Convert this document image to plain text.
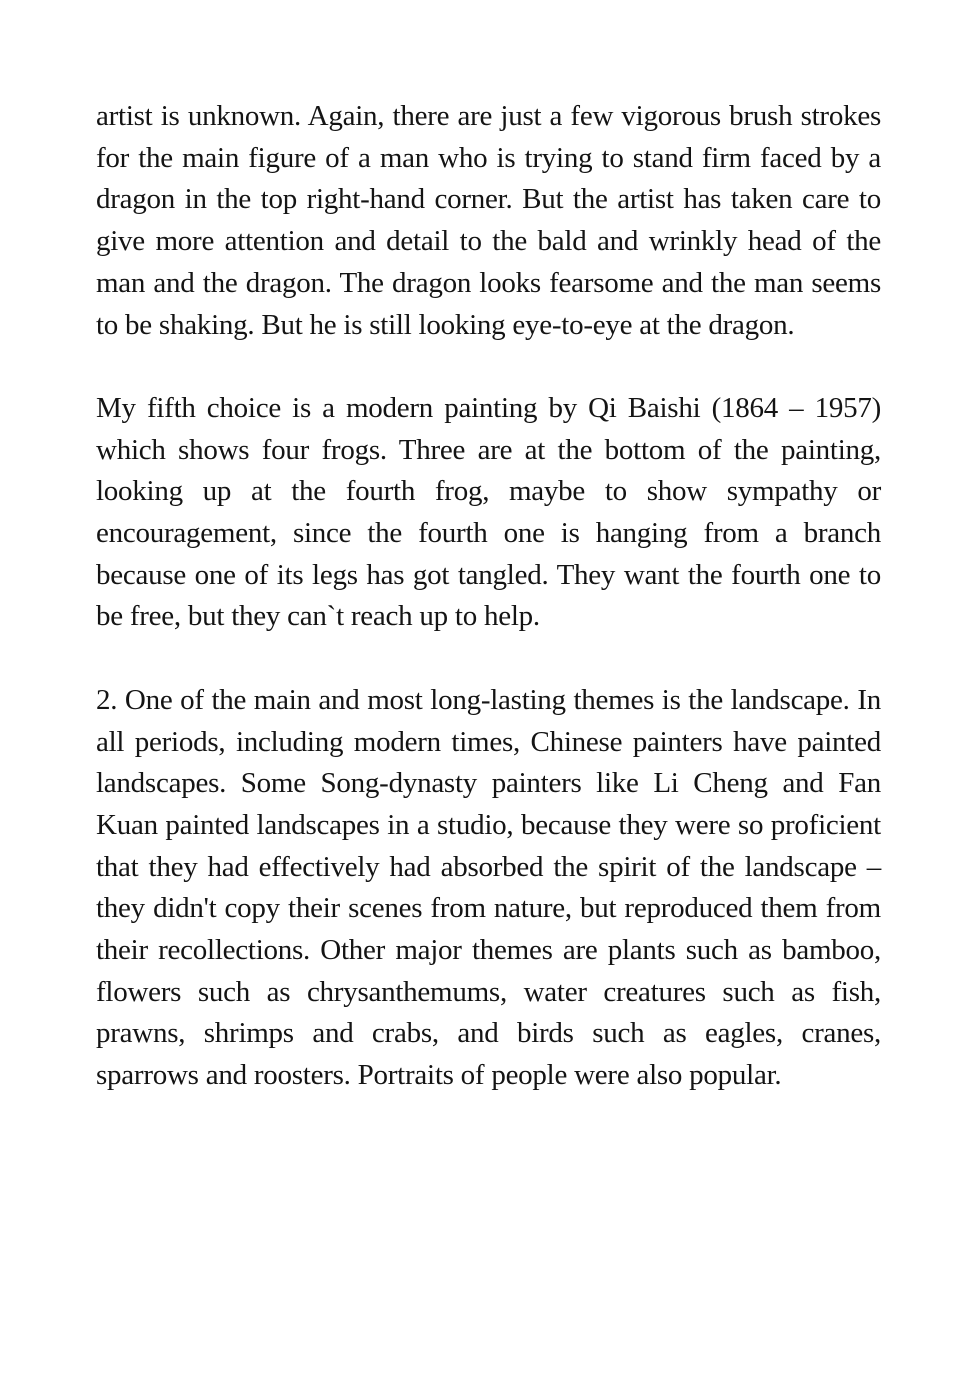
artist is unknown. Again, there are just a few vigorous brush strokes for the main figure of a man who is trying to stand firm faced by a dragon in the top right-hand corner. But the artist has taken care to give more attention and detail to the bald and wrinkly head of the man and the dragon. The dragon looks fearsome and the man seems to be shaking. But he is still looking eye-to-eye at the dragon.

My fifth choice is a modern painting by Qi Baishi (1864 – 1957) which shows four frogs. Three are at the bottom of the painting, looking up at the fourth frog, maybe to show sympathy or encouragement, since the fourth one is hanging from a branch because one of its legs has got tangled. They want the fourth one to be free, but they can`t reach up to help.

2. One of the main and most long-lasting themes is the landscape. In all periods, including modern times, Chinese painters have painted landscapes. Some Song-dynasty painters like Li Cheng and Fan Kuan painted landscapes in a studio, because they were so proficient that they had effectively had absorbed the spirit of the landscape – they didn't copy their scenes from nature, but reproduced them from their recollections. Other major themes are plants such as bamboo, flowers such as chrysanthemums, water creatures such as fish, prawns, shrimps and crabs, and birds such as eagles, cranes, sparrows and roosters. Portraits of people were also popular.
